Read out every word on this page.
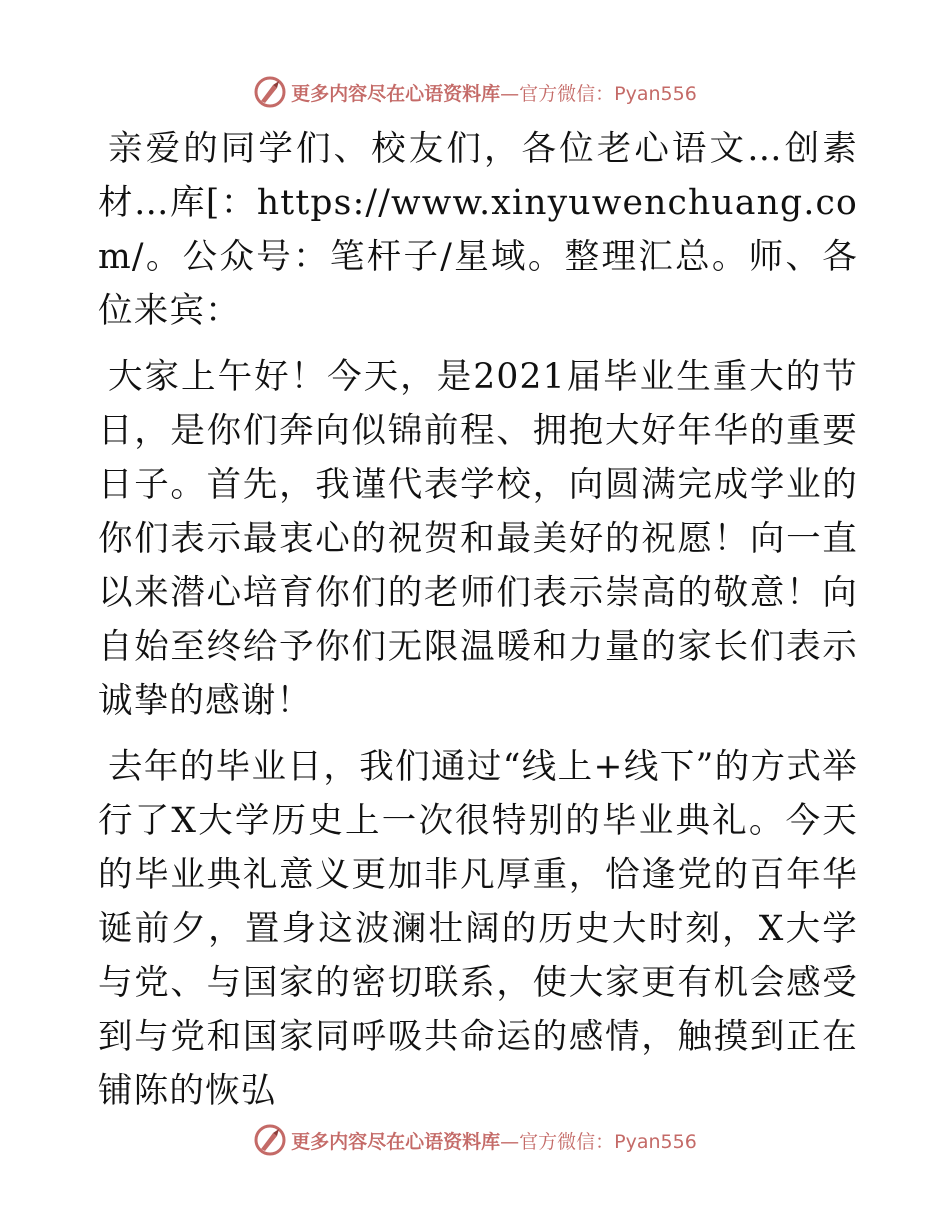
更多内容尽在心语资料库 —官方微信：Pyan556

亲爱的同学们、校友们，各位老心语文…创素材…库[：https://www.xinyuwenchuang.com/。公众号：笔杆子/星域。整理汇总。师、各位来宾：

大家上午好！今天，是2021届毕业生重大的节日，是你们奔向似锦前程、拥抱大好年华的重要日子。首先，我谨代表学校，向圆满完成学业的你们表示最衷心的祝贺和最美好的祝愿！向一直以来潜心培育你们的老师们表示崇高的敬意！向自始至终给予你们无限温暖和力量的家长们表示诚挚的感谢！

去年的毕业日，我们通过“线上+线下”的方式举行了X大学历史上一次很特别的毕业典礼。今天的毕业典礼意义更加非凡厚重，恰逢党的百年华诞前夕，置身这波澜壮阔的历史大时刻，X大学与党、与国家的密切联系，使大家更有机会感受到与党和国家同呼吸共命运的感情，触摸到正在铺陈的恢弘

更多内容尽在心语资料库 —官方微信：Pyan556
